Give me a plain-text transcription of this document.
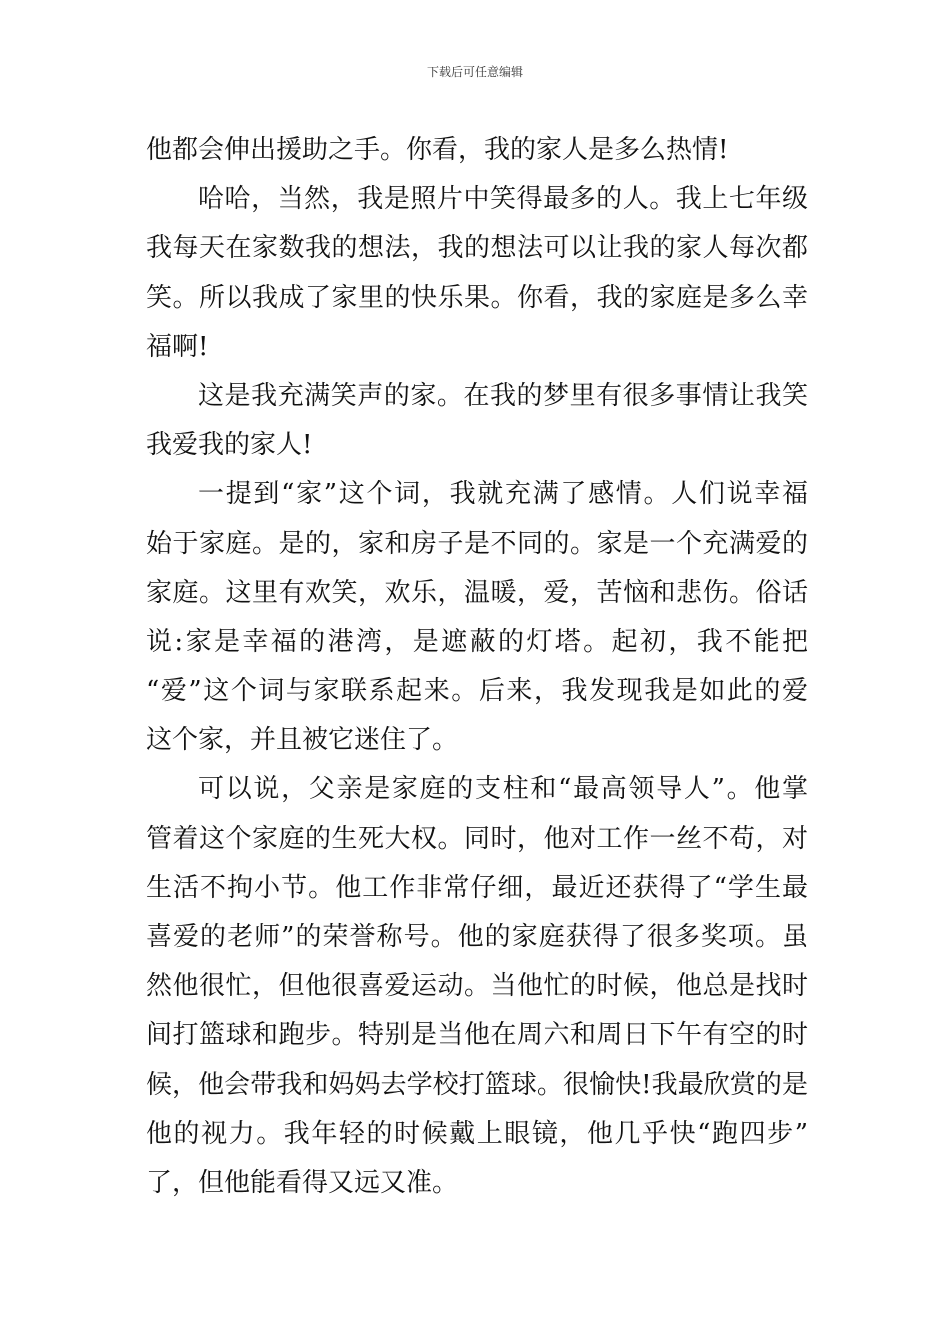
下载后可任意编辑
他都会伸出援助之手。你看，我的家人是多么热情!
哈哈，当然，我是照片中笑得最多的人。我上七年级
我每天在家数我的想法，我的想法可以让我的家人每次都
笑。所以我成了家里的快乐果。你看，我的家庭是多么幸
福啊!
这是我充满笑声的家。在我的梦里有很多事情让我笑
我爱我的家人!
一提到“家”这个词，我就充满了感情。人们说幸福
始于家庭。是的，家和房子是不同的。家是一个充满爱的
家庭。这里有欢笑，欢乐，温暖，爱，苦恼和悲伤。俗话
说:家是幸福的港湾，是遮蔽的灯塔。起初，我不能把
“爱”这个词与家联系起来。后来，我发现我是如此的爱
这个家，并且被它迷住了。
可以说，父亲是家庭的支柱和“最高领导人”。他掌
管着这个家庭的生死大权。同时，他对工作一丝不苟，对
生活不拘小节。他工作非常仔细，最近还获得了“学生最
喜爱的老师”的荣誉称号。他的家庭获得了很多奖项。虽
然他很忙，但他很喜爱运动。当他忙的时候，他总是找时
间打篮球和跑步。特别是当他在周六和周日下午有空的时
候，他会带我和妈妈去学校打篮球。很愉快!我最欣赏的是
他的视力。我年轻的时候戴上眼镜，他几乎快“跑四步”
了，但他能看得又远又准。
